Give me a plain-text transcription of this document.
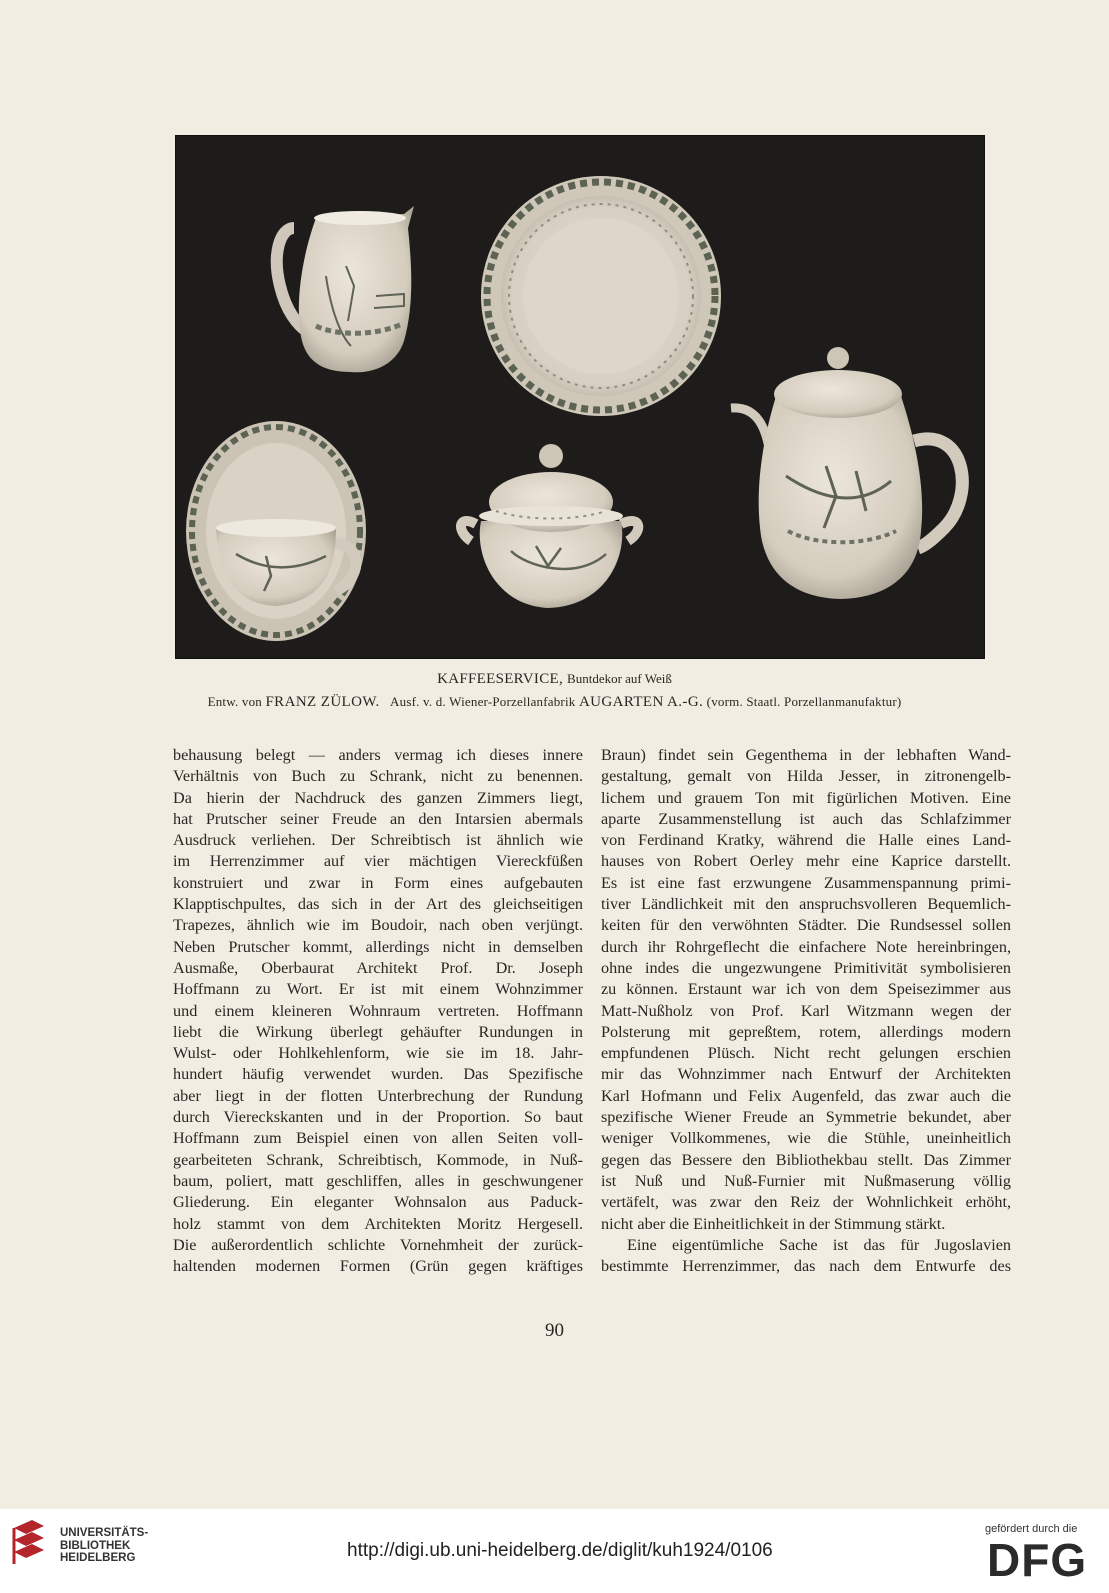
KAFFEESERVICE, Buntdekor auf Weiß
Entw. von FRANZ ZÜLOW. Ausf. v. d. Wiener-Porzellanfabrik AUGARTEN A.-G. (vorm. Staatl. Porzellanmanufaktur)
behausung belegt — anders vermag ich dieses innere
Verhältnis von Buch zu Schrank, nicht zu benennen.
Da hierin der Nachdruck des ganzen Zimmers liegt,
hat Prutscher seiner Freude an den Intarsien abermals
Ausdruck verliehen. Der Schreibtisch ist ähnlich wie
im Herrenzimmer auf vier mächtigen Viereckfüßen
konstruiert und zwar in Form eines aufgebauten
Klapptischpultes, das sich in der Art des gleichseitigen
Trapezes, ähnlich wie im Boudoir, nach oben verjüngt.
Neben Prutscher kommt, allerdings nicht in demselben
Ausmaße, Oberbaurat Architekt Prof. Dr. Joseph
Hoffmann zu Wort. Er ist mit einem Wohnzimmer
und einem kleineren Wohnraum vertreten. Hoffmann
liebt die Wirkung überlegt gehäufter Rundungen in
Wulst- oder Hohlkehlenform, wie sie im 18. Jahr-
hundert häufig verwendet wurden. Das Spezifische
aber liegt in der flotten Unterbrechung der Rundung
durch Viereckskanten und in der Proportion. So baut
Hoffmann zum Beispiel einen von allen Seiten voll-
gearbeiteten Schrank, Schreibtisch, Kommode, in Nuß-
baum, poliert, matt geschliffen, alles in geschwungener
Gliederung. Ein eleganter Wohnsalon aus Paduck-
holz stammt von dem Architekten Moritz Hergesell.
Die außerordentlich schlichte Vornehmheit der zurück-
haltenden modernen Formen (Grün gegen kräftiges
Braun) findet sein Gegenthema in der lebhaften Wand-
gestaltung, gemalt von Hilda Jesser, in zitronengelb-
lichem und grauem Ton mit figürlichen Motiven. Eine
aparte Zusammenstellung ist auch das Schlafzimmer
von Ferdinand Kratky, während die Halle eines Land-
hauses von Robert Oerley mehr eine Kaprice darstellt.
Es ist eine fast erzwungene Zusammenspannung primi-
tiver Ländlichkeit mit den anspruchsvolleren Bequemlich-
keiten für den verwöhnten Städter. Die Rundsessel sollen
durch ihr Rohrgeflecht die einfachere Note hereinbringen,
ohne indes die ungezwungene Primitivität symbolisieren
zu können. Erstaunt war ich von dem Speisezimmer aus
Matt-Nußholz von Prof. Karl Witzmann wegen der
Polsterung mit gepreßtem, rotem, allerdings modern
empfundenen Plüsch. Nicht recht gelungen erschien
mir das Wohnzimmer nach Entwurf der Architekten
Karl Hofmann und Felix Augenfeld, das zwar auch die
spezifische Wiener Freude an Symmetrie bekundet, aber
weniger Vollkommenes, wie die Stühle, uneinheitlich
gegen das Bessere den Bibliothekbau stellt. Das Zimmer
ist Nuß und Nuß-Furnier mit Nußmaserung völlig
vertäfelt, was zwar den Reiz der Wohnlichkeit erhöht,
nicht aber die Einheitlichkeit in der Stimmung stärkt.
Eine eigentümliche Sache ist das für Jugoslavien
bestimmte Herrenzimmer, das nach dem Entwurfe des
90
UNIVERSITÄTS-
BIBLIOTHEK
HEIDELBERG	http://digi.ub.uni-heidelberg.de/diglit/kuh1924/0106
gefördert durch die
DFG
